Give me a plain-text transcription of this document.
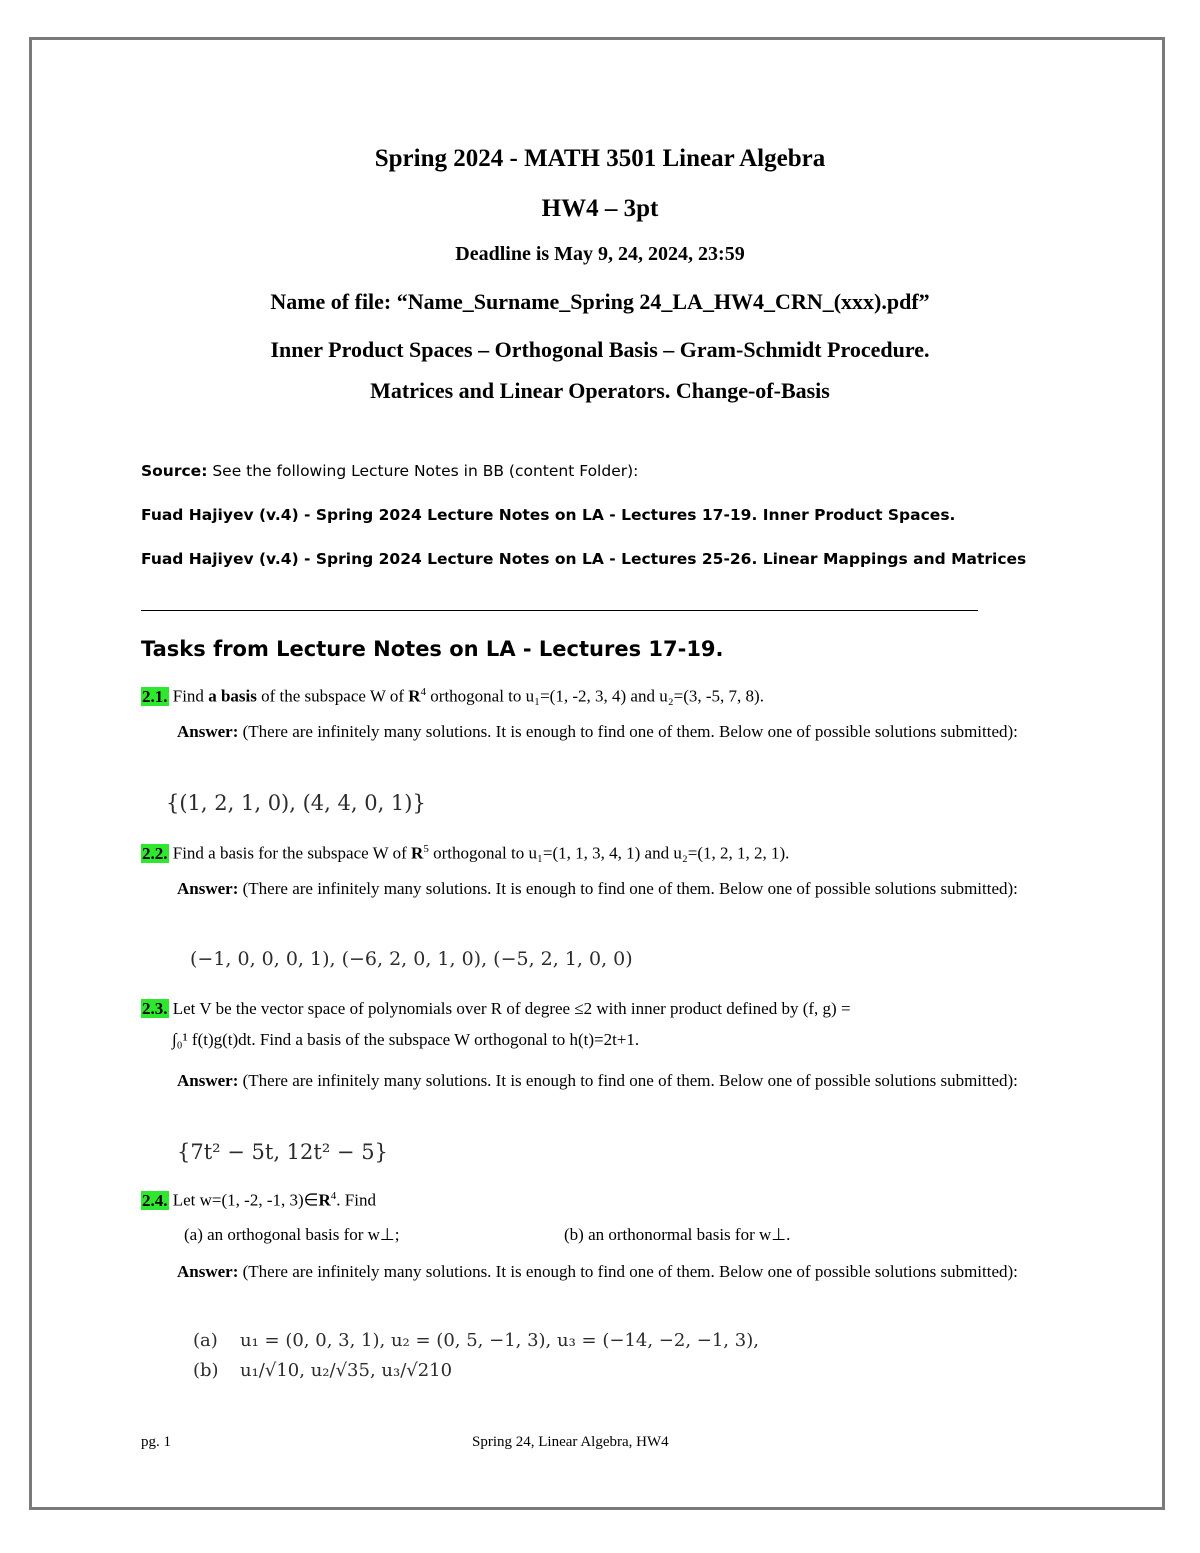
Spring 2024 - MATH 3501 Linear Algebra
HW4 – 3pt
Deadline is May 9, 24, 2024, 23:59
Name of file: “Name_Surname_Spring 24_LA_HW4_CRN_(xxx).pdf”
Inner Product Spaces – Orthogonal Basis – Gram-Schmidt Procedure.
Matrices and Linear Operators. Change-of-Basis
Source: See the following Lecture Notes in BB (content Folder):
Fuad Hajiyev (v.4) - Spring 2024 Lecture Notes on LA - Lectures 17-19. Inner Product Spaces.
Fuad Hajiyev (v.4) - Spring 2024 Lecture Notes on LA - Lectures 25-26. Linear Mappings and Matrices
Tasks from Lecture Notes on LA - Lectures 17-19.
2.1. Find a basis of the subspace W of $R^4$ orthogonal to u₁=(1, -2, 3, 4) and u₂=(3, -5, 7, 8).
Answer: (There are infinitely many solutions. It is enough to find one of them. Below one of possible solutions submitted):
{(1, 2, 1, 0), (4, 4, 0, 1)}
2.2. Find a basis for the subspace W of $R^5$ orthogonal to u₁=(1, 1, 3, 4, 1) and u₂=(1, 2, 1, 2, 1).
Answer: (There are infinitely many solutions. It is enough to find one of them. Below one of possible solutions submitted):
(−1, 0, 0, 0, 1), (−6, 2, 0, 1, 0), (−5, 2, 1, 0, 0)
2.3. Let V be the vector space of polynomials over R of degree ≤2 with inner product defined by (f, g) =
∫₀¹ f(t)g(t)dt. Find a basis of the subspace W orthogonal to h(t)=2t+1.
Answer: (There are infinitely many solutions. It is enough to find one of them. Below one of possible solutions submitted):
{7t² − 5t, 12t² − 5}
2.4. Let w=(1, -2, -1, $3)\in R^4$. Find
(a) an orthogonal basis for w⊥;	(b) an orthonormal basis for w⊥.
Answer: (There are infinitely many solutions. It is enough to find one of them. Below one of possible solutions submitted):
(a) u₁ = (0, 0, 3, 1), u₂ = (0, 5, −1, 3), u₃ = (−14, −2, −1, 3),
(b) u₁/√10, u₂/√35, u₃/√210
pg. 1	Spring 24, Linear Algebra, HW4
